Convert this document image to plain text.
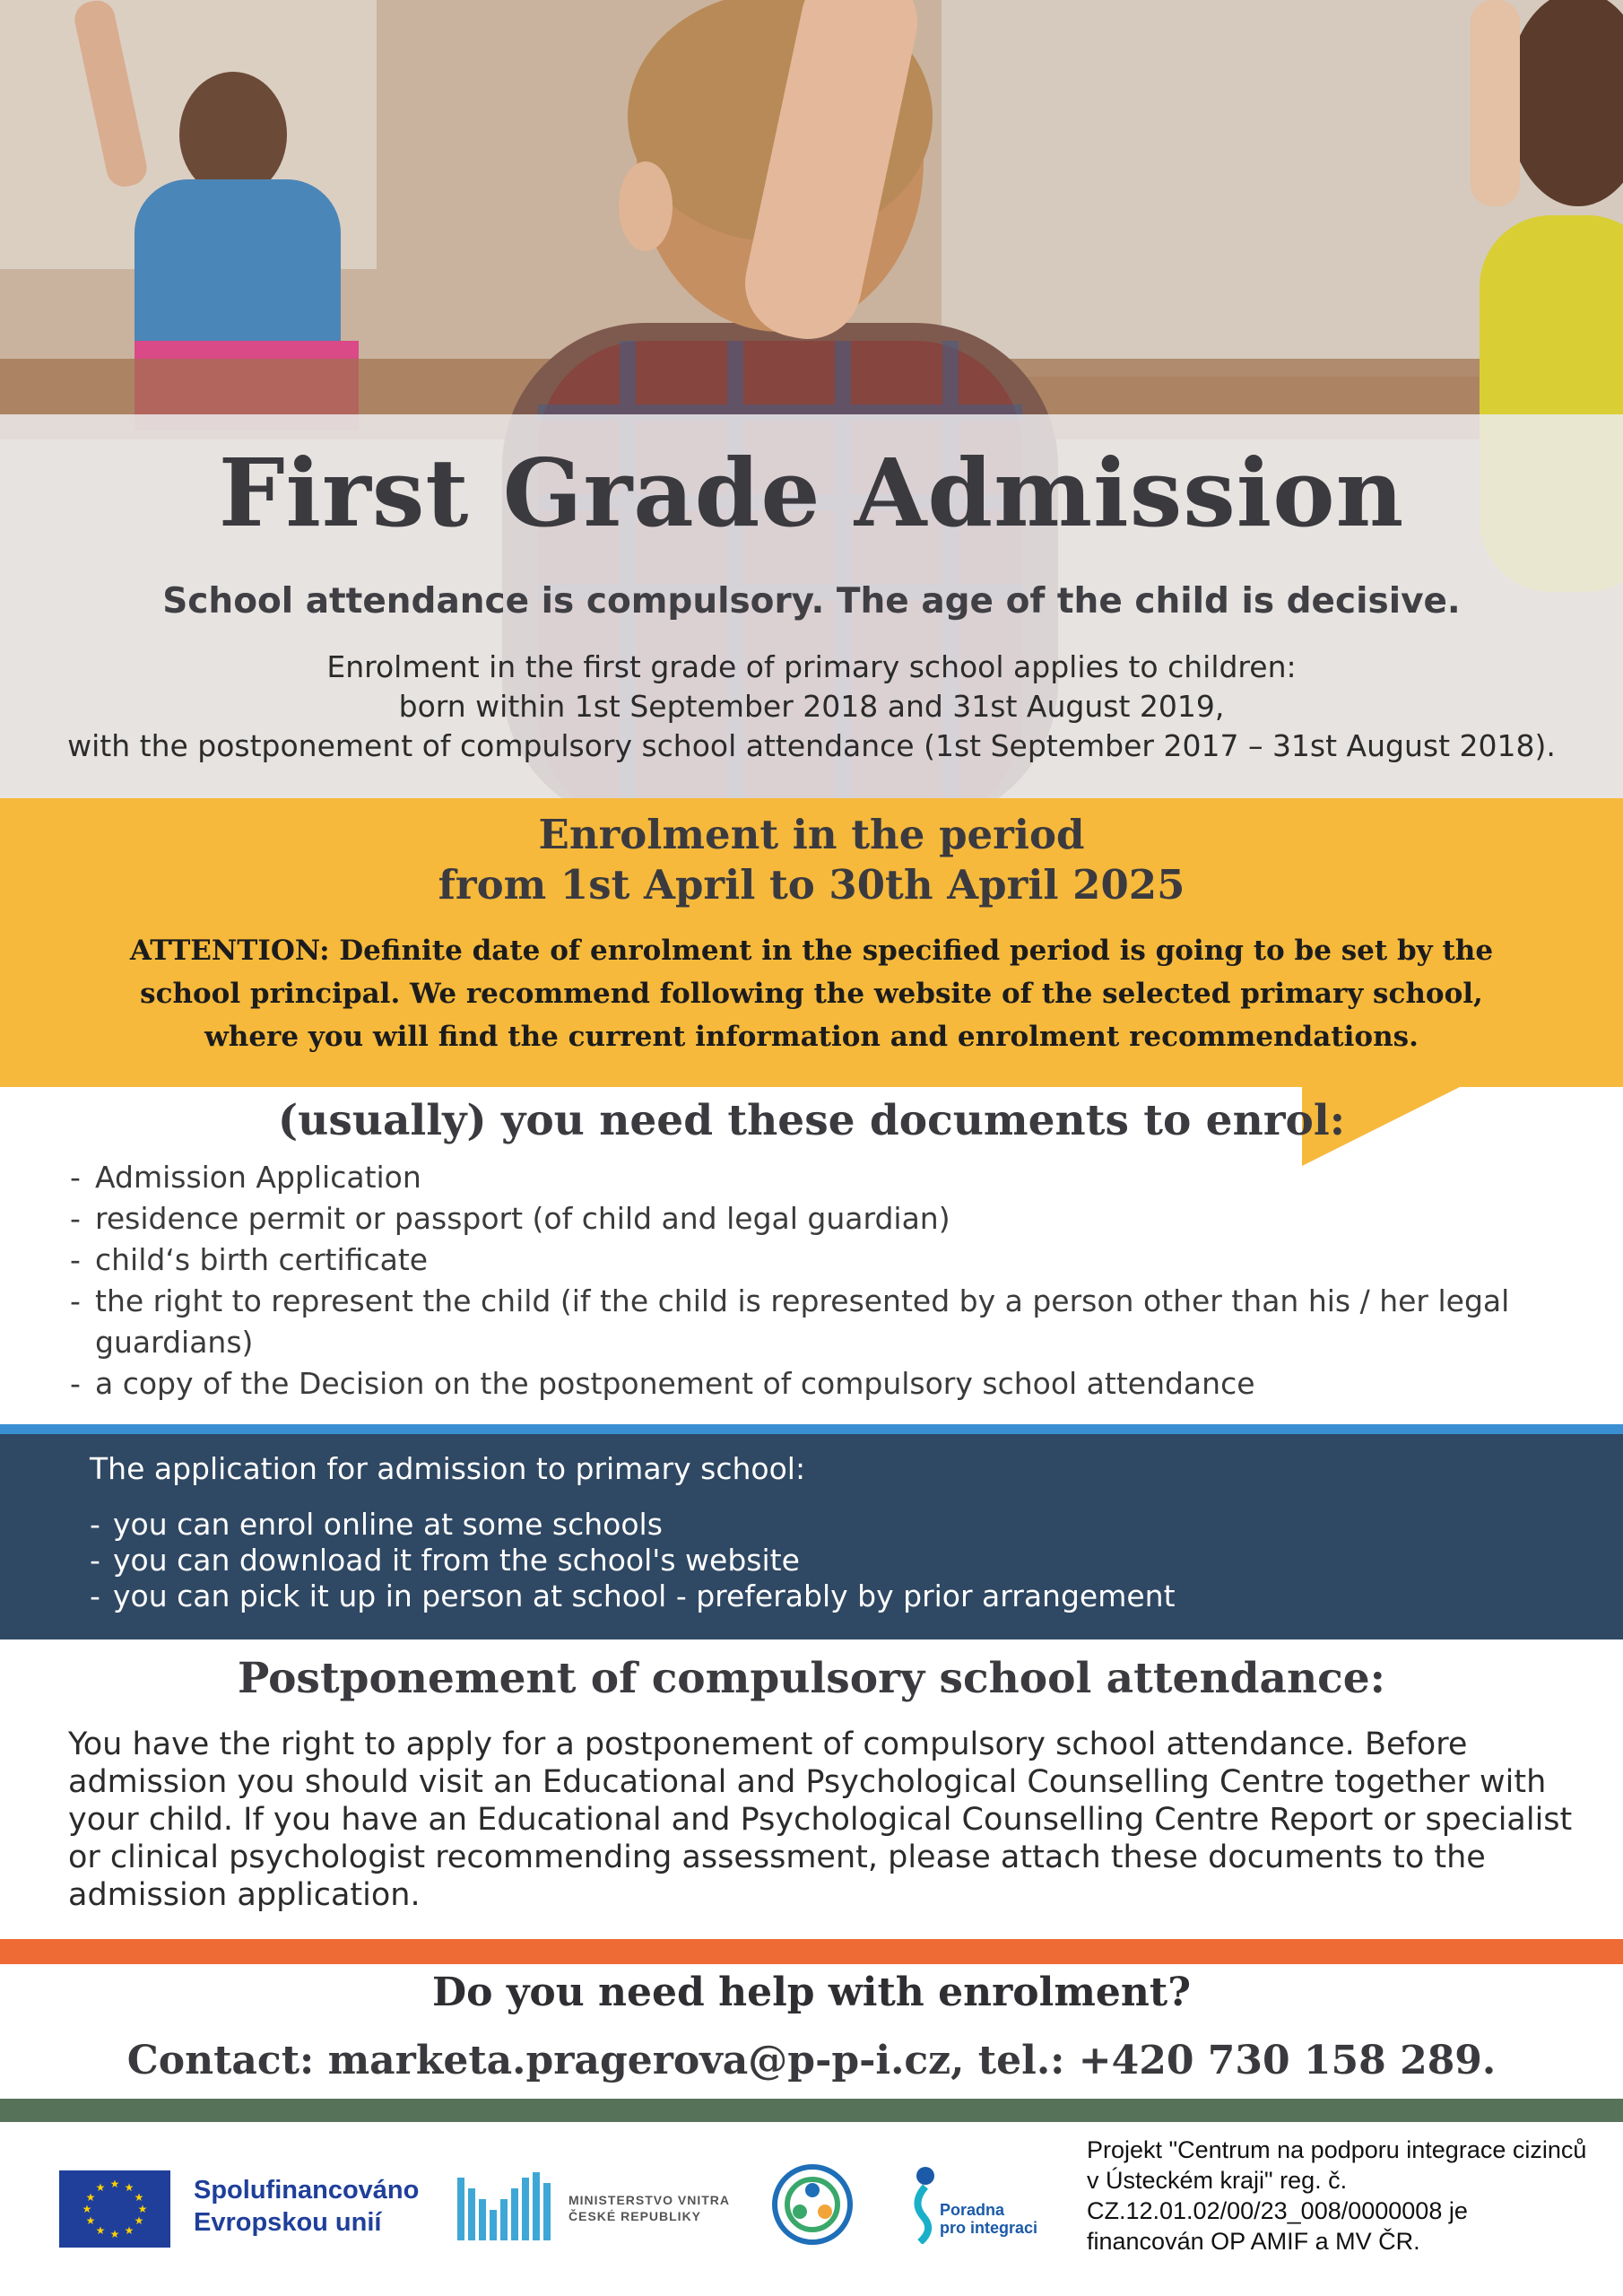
First Grade Admission
School attendance is compulsory. The age of the child is decisive.
Enrolment in the first grade of primary school applies to children:
born within 1st September 2018 and 31st August 2019,
with the postponement of compulsory school attendance (1st September 2017 – 31st August 2018).
Enrolment in the period
from 1st April to 30th April 2025
ATTENTION: Definite date of enrolment in the specified period is going to be set by the school principal. We recommend following the website of the selected primary school, where you will find the current information and enrolment recommendations.
(usually) you need these documents to enrol:
- Admission Application
- residence permit or passport (of child and legal guardian)
- child‘s birth certificate
- the right to represent the child (if the child is represented by a person other than his / her legal guardians)
- a copy of the Decision on the postponement of compulsory school attendance
The application for admission to primary school:
- you can enrol online at some schools
- you can download it from the school's website
- you can pick it up in person at school - preferably by prior arrangement
Postponement of compulsory school attendance:
You have the right to apply for a postponement of compulsory school attendance. Before admission you should visit an Educational and Psychological Counselling Centre together with your child. If you have an Educational and Psychological Counselling Centre Report or specialist or clinical psychologist recommending assessment, please attach these documents to the admission application.
Do you need help with enrolment?
Contact: marketa.pragerova@p-p-i.cz, tel.: +420 730 158 289.
★ ★
★
★
★
★
★
★
★
★
★
★	Spolufinancováno
Evropskou unií
MINISTERSTVO VNITRA
ČESKÉ REPUBLIKY	Poradna
pro integraci
Projekt "Centrum na podporu integrace cizinců v Ústeckém kraji" reg. č. CZ.12.01.02/00/23_008/0000008 je financován OP AMIF a MV ČR.
